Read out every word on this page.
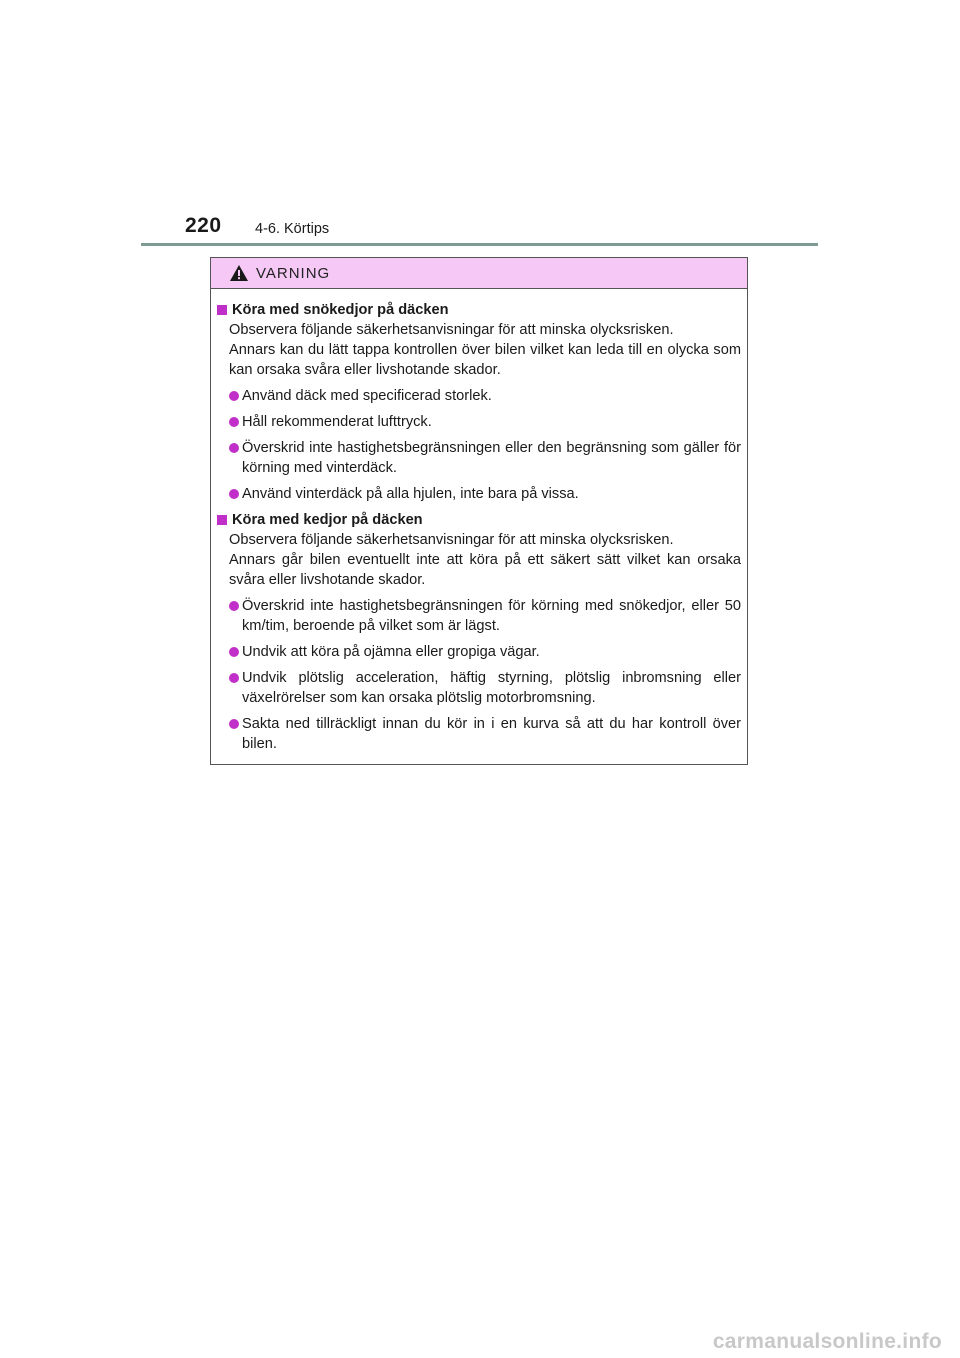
220 4-6. Körtips
VARNING
Köra med snökedjor på däcken
Observera följande säkerhetsanvisningar för att minska olycksrisken.
Annars kan du lätt tappa kontrollen över bilen vilket kan leda till en olycka som kan orsaka svåra eller livshotande skador.
Använd däck med specificerad storlek.
Håll rekommenderat lufttryck.
Överskrid inte hastighetsbegränsningen eller den begränsning som gäller för körning med vinterdäck.
Använd vinterdäck på alla hjulen, inte bara på vissa.
Köra med kedjor på däcken
Observera följande säkerhetsanvisningar för att minska olycksrisken.
Annars går bilen eventuellt inte att köra på ett säkert sätt vilket kan orsaka svåra eller livshotande skador.
Överskrid inte hastighetsbegränsningen för körning med snökedjor, eller 50 km/tim, beroende på vilket som är lägst.
Undvik att köra på ojämna eller gropiga vägar.
Undvik plötslig acceleration, häftig styrning, plötslig inbromsning eller växelrörelser som kan orsaka plötslig motorbromsning.
Sakta ned tillräckligt innan du kör in i en kurva så att du har kontroll över bilen.
carmanualsonline.info
